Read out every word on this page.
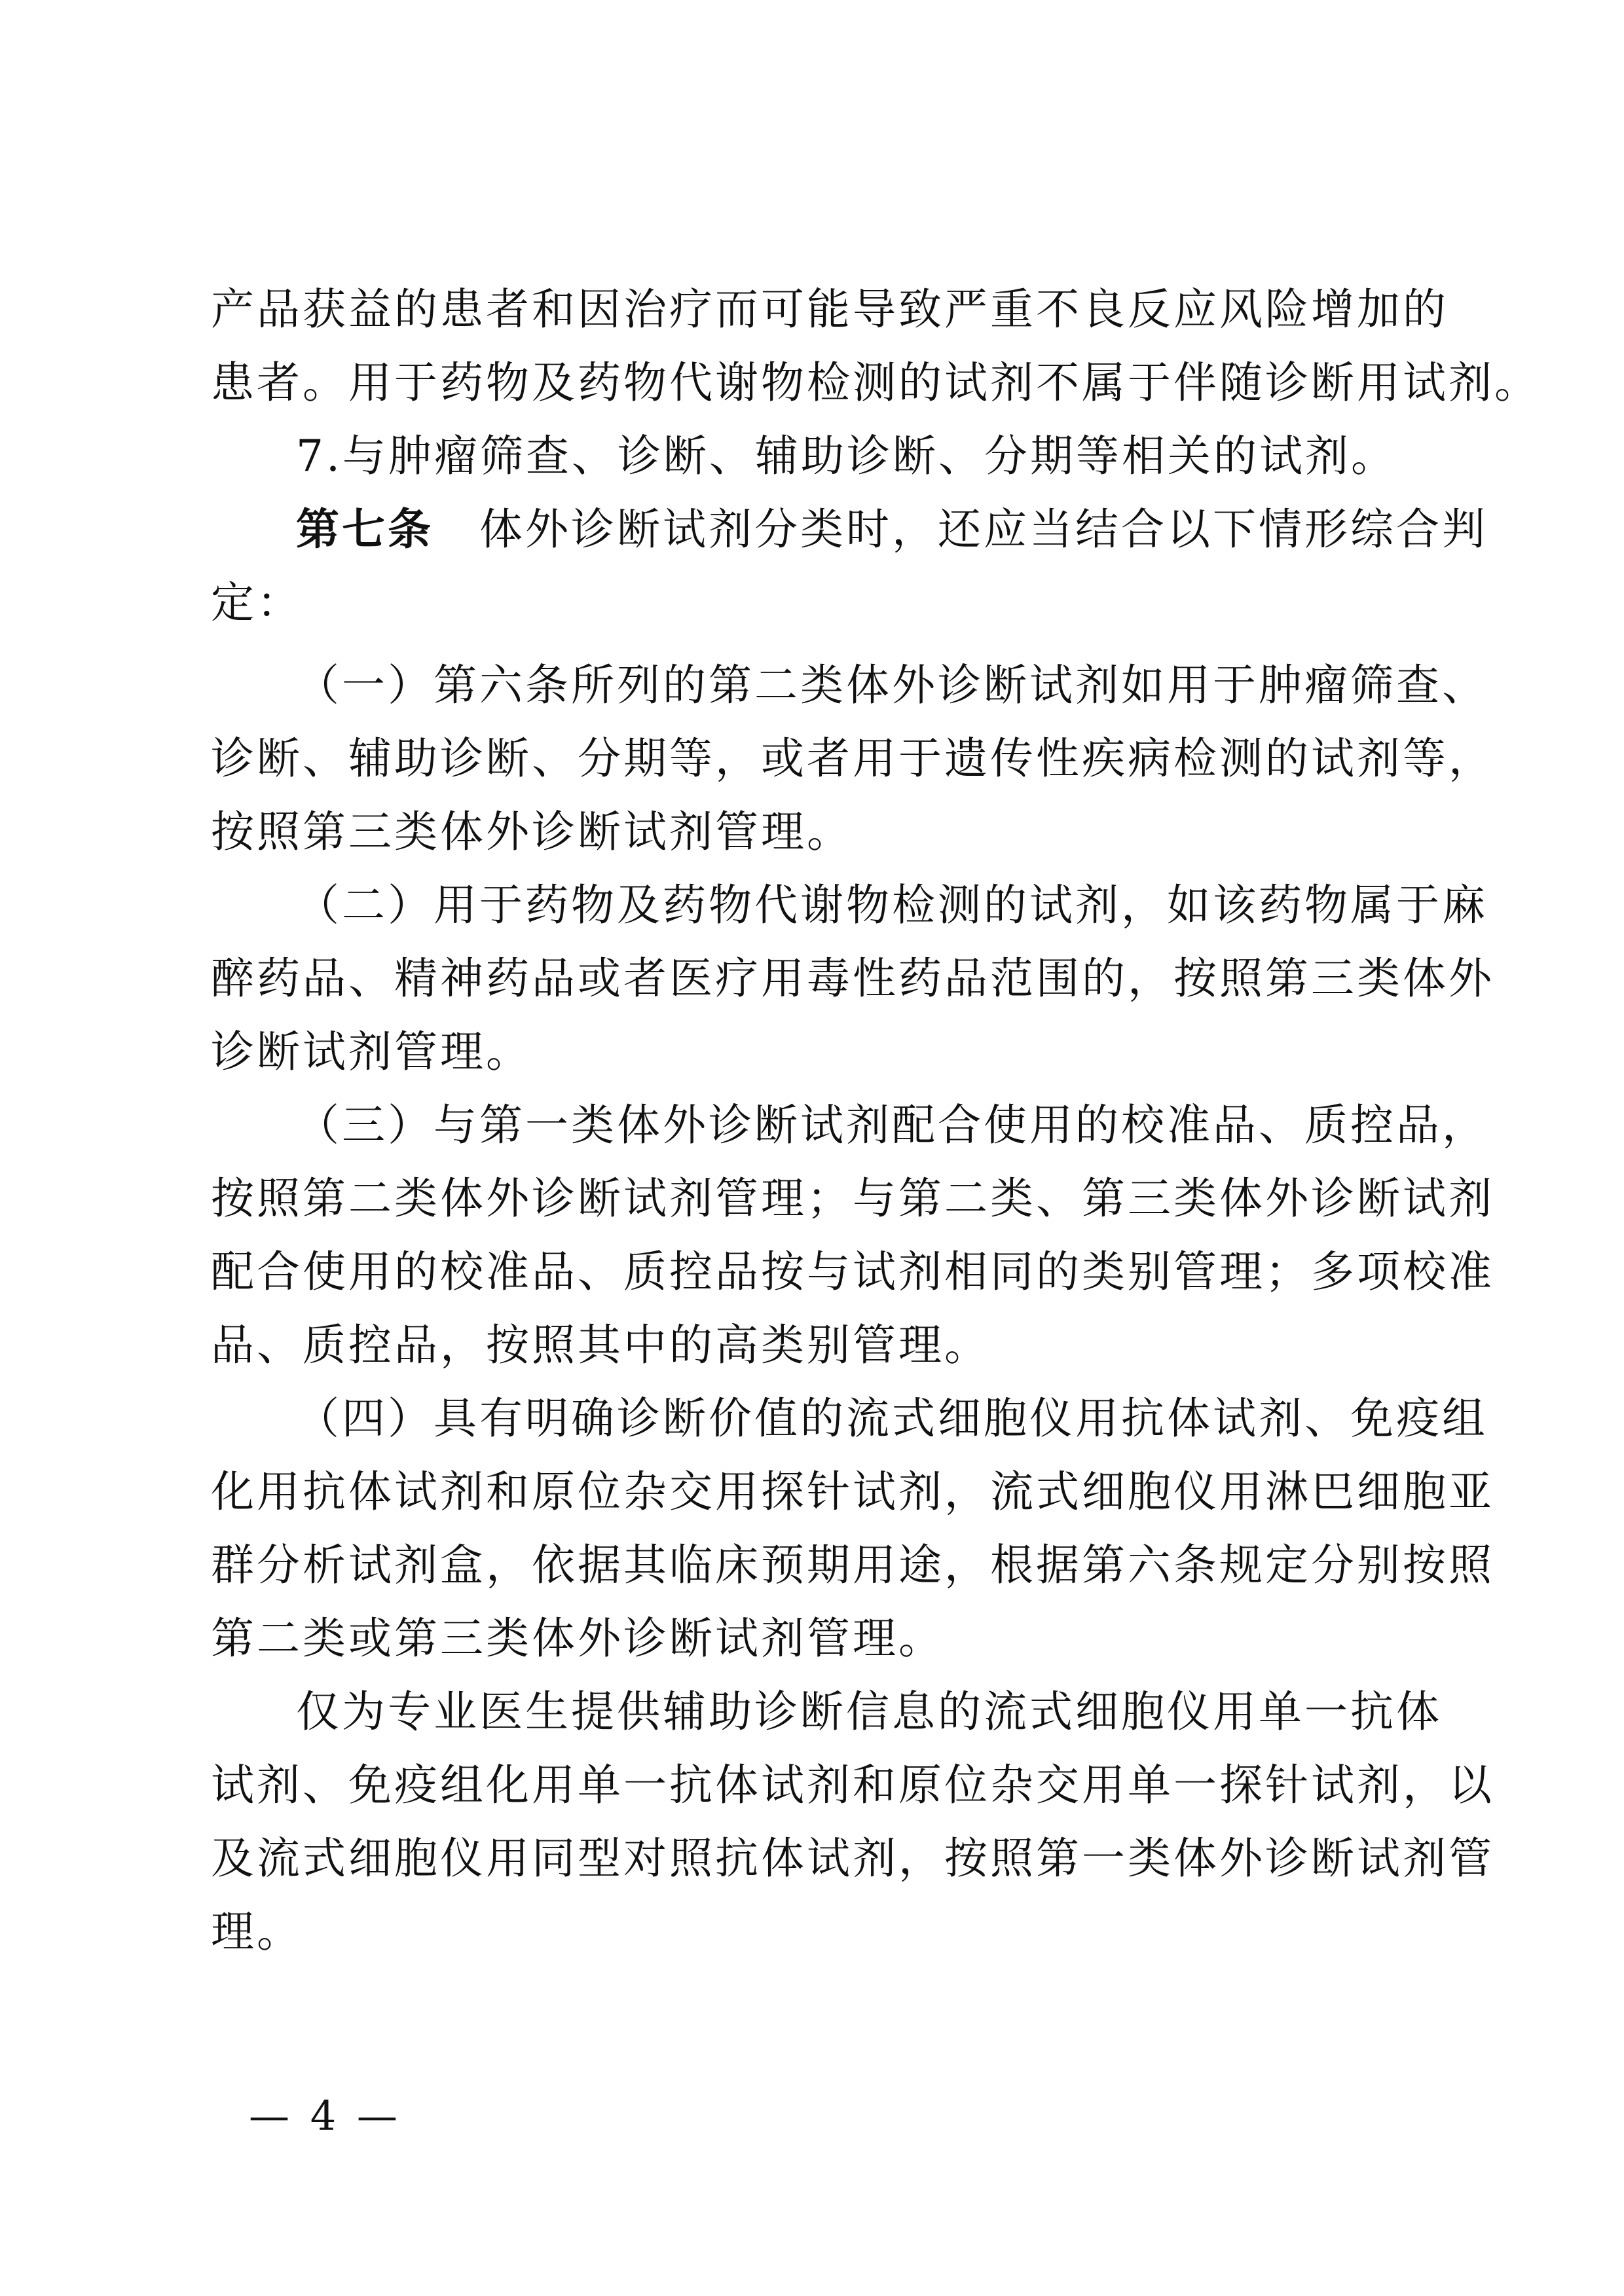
产品获益的患者和因治疗而可能导致严重不良反应风险增加的
患者。用于药物及药物代谢物检测的试剂不属于伴随诊断用试剂。
7.与肿瘤筛查、诊断、辅助诊断、分期等相关的试剂。
第七条 体外诊断试剂分类时，还应当结合以下情形综合判
定：
（一）第六条所列的第二类体外诊断试剂如用于肿瘤筛查、
诊断、辅助诊断、分期等，或者用于遗传性疾病检测的试剂等，
按照第三类体外诊断试剂管理。
（二）用于药物及药物代谢物检测的试剂，如该药物属于麻
醉药品、精神药品或者医疗用毒性药品范围的，按照第三类体外
诊断试剂管理。
（三）与第一类体外诊断试剂配合使用的校准品、质控品，
按照第二类体外诊断试剂管理；与第二类、第三类体外诊断试剂
配合使用的校准品、质控品按与试剂相同的类别管理；多项校准
品、质控品，按照其中的高类别管理。
（四）具有明确诊断价值的流式细胞仪用抗体试剂、免疫组
化用抗体试剂和原位杂交用探针试剂，流式细胞仪用淋巴细胞亚
群分析试剂盒，依据其临床预期用途，根据第六条规定分别按照
第二类或第三类体外诊断试剂管理。
仅为专业医生提供辅助诊断信息的流式细胞仪用单一抗体
试剂、免疫组化用单一抗体试剂和原位杂交用单一探针试剂，以
及流式细胞仪用同型对照抗体试剂，按照第一类体外诊断试剂管
理。
— 4 —
